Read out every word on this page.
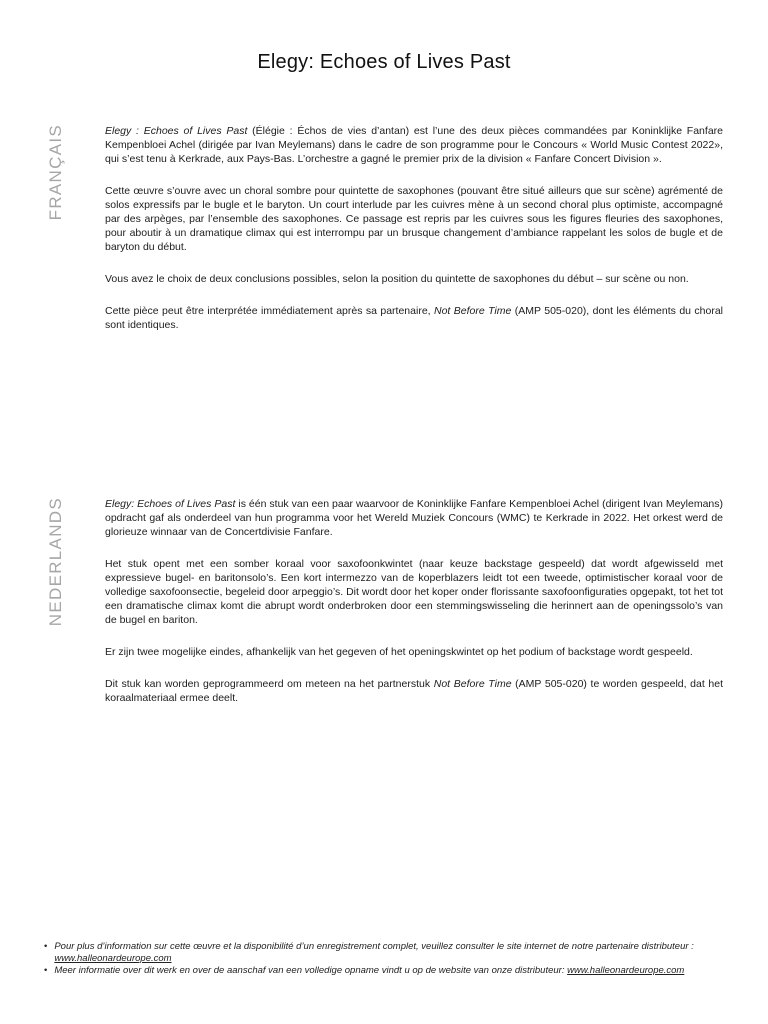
Elegy: Echoes of Lives Past
FRANÇAIS	Elegy : Echoes of Lives Past (Élégie : Échos de vies d’antan) est l’une des deux pièces commandées par Koninklijke Fanfare Kempenbloei Achel (dirigée par Ivan Meylemans) dans le cadre de son programme pour le Concours « World Music Contest 2022», qui s’est tenu à Kerkrade, aux Pays-Bas. L’orchestre a gagné le premier prix de la division « Fanfare Concert Division ».

Cette œuvre s’ouvre avec un choral sombre pour quintette de saxophones (pouvant être situé ailleurs que sur scène) agrémenté de solos expressifs par le bugle et le baryton. Un court interlude par les cuivres mène à un second choral plus optimiste, accompagné par des arpèges, par l’ensemble des saxophones. Ce passage est repris par les cuivres sous les figures fleuries des saxophones, pour aboutir à un dramatique climax qui est interrompu par un brusque changement d’ambiance rappelant les solos de bugle et de baryton du début.

Vous avez le choix de deux conclusions possibles, selon la position du quintette de saxophones du début – sur scène ou non.

Cette pièce peut être interprétée immédiatement après sa partenaire, Not Before Time (AMP 505-020), dont les éléments du choral sont identiques.

NEDERLANDS	Elegy: Echoes of Lives Past is één stuk van een paar waarvoor de Koninklijke Fanfare Kempenbloei Achel (dirigent Ivan Meylemans) opdracht gaf als onderdeel van hun programma voor het Wereld Muziek Concours (WMC) te Kerkrade in 2022. Het orkest werd de glorieuze winnaar van de Concertdivisie Fanfare.

Het stuk opent met een somber koraal voor saxofoonkwintet (naar keuze backstage gespeeld) dat wordt afgewisseld met expressieve bugel- en baritonsolo’s. Een kort intermezzo van de koperblazers leidt tot een tweede, optimistischer koraal voor de volledige saxofoonsectie, begeleid door arpeggio’s. Dit wordt door het koper onder florissante saxofoonfiguraties opgepakt, tot het tot een dramatische climax komt die abrupt wordt onderbroken door een stemmingswisseling die herinnert aan de openingssolo’s van de bugel en bariton.

Er zijn twee mogelijke eindes, afhankelijk van het gegeven of het openingskwintet op het podium of backstage wordt gespeeld.

Dit stuk kan worden geprogrammeerd om meteen na het partnerstuk Not Before Time (AMP 505-020) te worden gespeeld, dat het koraalmateriaal ermee deelt.

• Pour plus d’information sur cette œuvre et la disponibilité d’un enregistrement complet, veuillez consulter le site internet de notre partenaire distributeur : www.halleonardeurope.com
• Meer informatie over dit werk en over de aanschaf van een volledige opname vindt u op de website van onze distributeur: www.halleonardeurope.com
